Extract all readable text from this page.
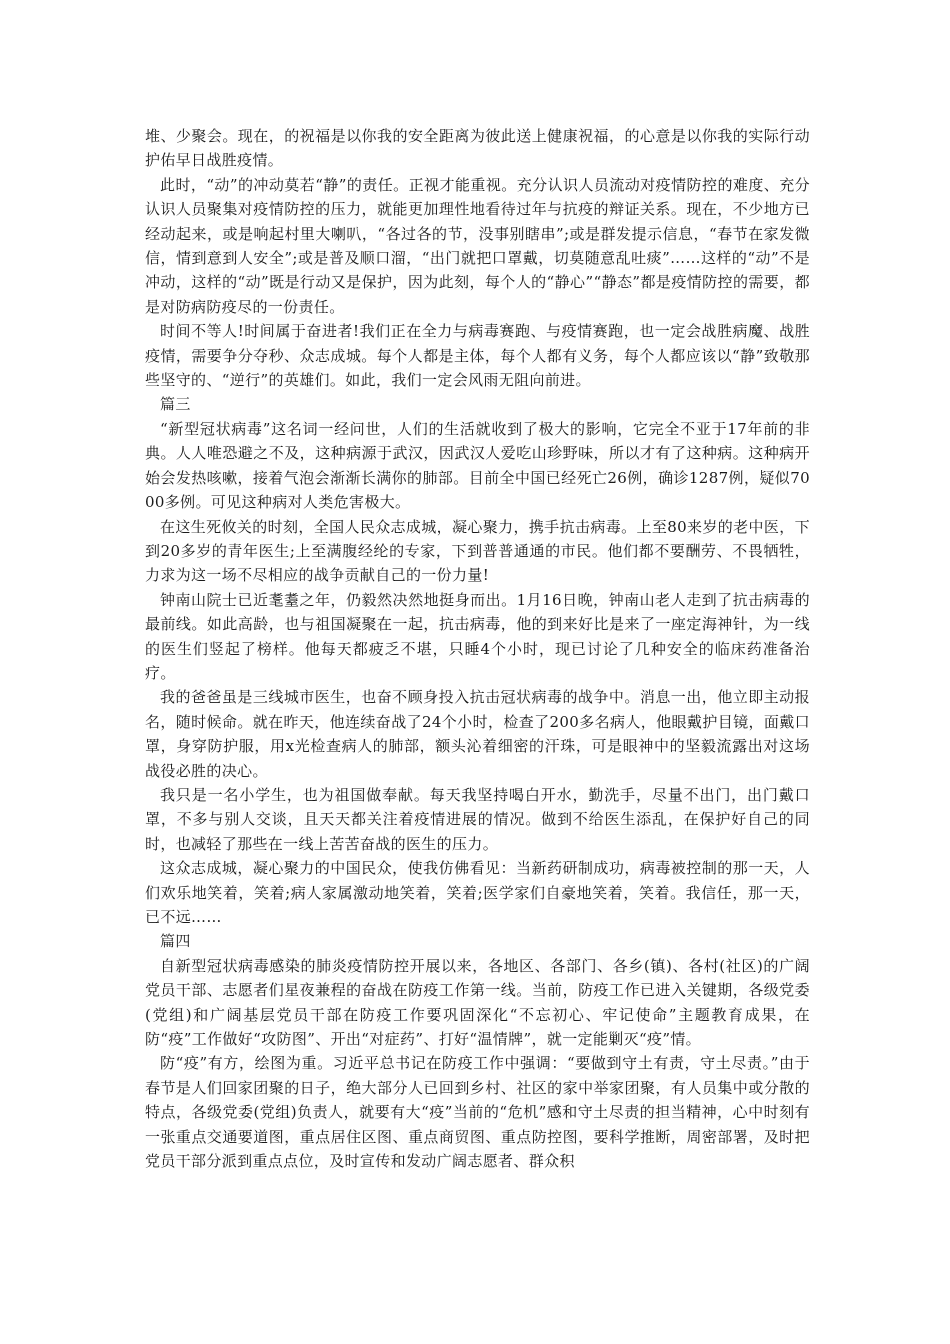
堆、少聚会。现在，的祝福是以你我的安全距离为彼此送上健康祝福，的心意是以你我的实际行动护佑早日战胜疫情。

此时，“动”的冲动莫若“静”的责任。正视才能重视。充分认识人员流动对疫情防控的难度、充分认识人员聚集对疫情防控的压力，就能更加理性地看待过年与抗疫的辩证关系。现在，不少地方已经动起来，或是响起村里大喇叭，“各过各的节，没事别瞎串”;或是群发提示信息，“春节在家发微信，情到意到人安全”;或是普及顺口溜，“出门就把口罩戴，切莫随意乱吐痰”……这样的“动”不是冲动，这样的“动”既是行动又是保护，因为此刻，每个人的“静心”“静态”都是疫情防控的需要，都是对防病防疫尽的一份责任。

时间不等人!时间属于奋进者!我们正在全力与病毒赛跑、与疫情赛跑，也一定会战胜病魔、战胜疫情，需要争分夺秒、众志成城。每个人都是主体，每个人都有义务，每个人都应该以“静”致敬那些坚守的、“逆行”的英雄们。如此，我们一定会风雨无阻向前进。

篇三

“新型冠状病毒”这名词一经问世，人们的生活就收到了极大的影响，它完全不亚于17年前的非典。人人唯恐避之不及，这种病源于武汉，因武汉人爱吃山珍野味，所以才有了这种病。这种病开始会发热咳嗽，接着气泡会渐渐长满你的肺部。目前全中国已经死亡26例，确诊1287例，疑似7000多例。可见这种病对人类危害极大。

在这生死攸关的时刻，全国人民众志成城，凝心聚力，携手抗击病毒。上至80来岁的老中医，下到20多岁的青年医生;上至满腹经纶的专家，下到普普通通的市民。他们都不要酬劳、不畏牺牲，力求为这一场不尽相应的战争贡献自己的一份力量!

钟南山院士已近耄耋之年，仍毅然决然地挺身而出。1月16日晚，钟南山老人走到了抗击病毒的最前线。如此高龄，也与祖国凝聚在一起，抗击病毒，他的到来好比是来了一座定海神针，为一线的医生们竖起了榜样。他每天都疲乏不堪，只睡4个小时，现已讨论了几种安全的临床药准备治疗。

我的爸爸虽是三线城市医生，也奋不顾身投入抗击冠状病毒的战争中。消息一出，他立即主动报名，随时候命。就在昨天，他连续奋战了24个小时，检查了200多名病人，他眼戴护目镜，面戴口罩，身穿防护服，用x光检查病人的肺部，额头沁着细密的汗珠，可是眼神中的坚毅流露出对这场战役必胜的决心。

我只是一名小学生，也为祖国做奉献。每天我坚持喝白开水，勤洗手，尽量不出门，出门戴口罩，不多与别人交谈，且天天都关注着疫情进展的情况。做到不给医生添乱，在保护好自己的同时，也减轻了那些在一线上苦苦奋战的医生的压力。

这众志成城，凝心聚力的中国民众，使我仿佛看见：当新药研制成功，病毒被控制的那一天，人们欢乐地笑着，笑着;病人家属激动地笑着，笑着;医学家们自豪地笑着，笑着。我信任，那一天，已不远……

篇四

自新型冠状病毒感染的肺炎疫情防控开展以来，各地区、各部门、各乡(镇)、各村(社区)的广阔党员干部、志愿者们星夜兼程的奋战在防疫工作第一线。当前，防疫工作已进入关键期，各级党委(党组)和广阔基层党员干部在防疫工作要巩固深化“不忘初心、牢记使命”主题教育成果，在防“疫”工作做好“攻防图”、开出“对症药”、打好“温情牌”，就一定能剿灭“疫”情。

防“疫”有方，绘图为重。习近平总书记在防疫工作中强调：“要做到守土有责，守土尽责。”由于春节是人们回家团聚的日子，绝大部分人已回到乡村、社区的家中举家团聚，有人员集中或分散的特点，各级党委(党组)负责人，就要有大“疫”当前的“危机”感和守土尽责的担当精神，心中时刻有一张重点交通要道图，重点居住区图、重点商贸图、重点防控图，要科学推断，周密部署，及时把党员干部分派到重点点位，及时宣传和发动广阔志愿者、群众积
